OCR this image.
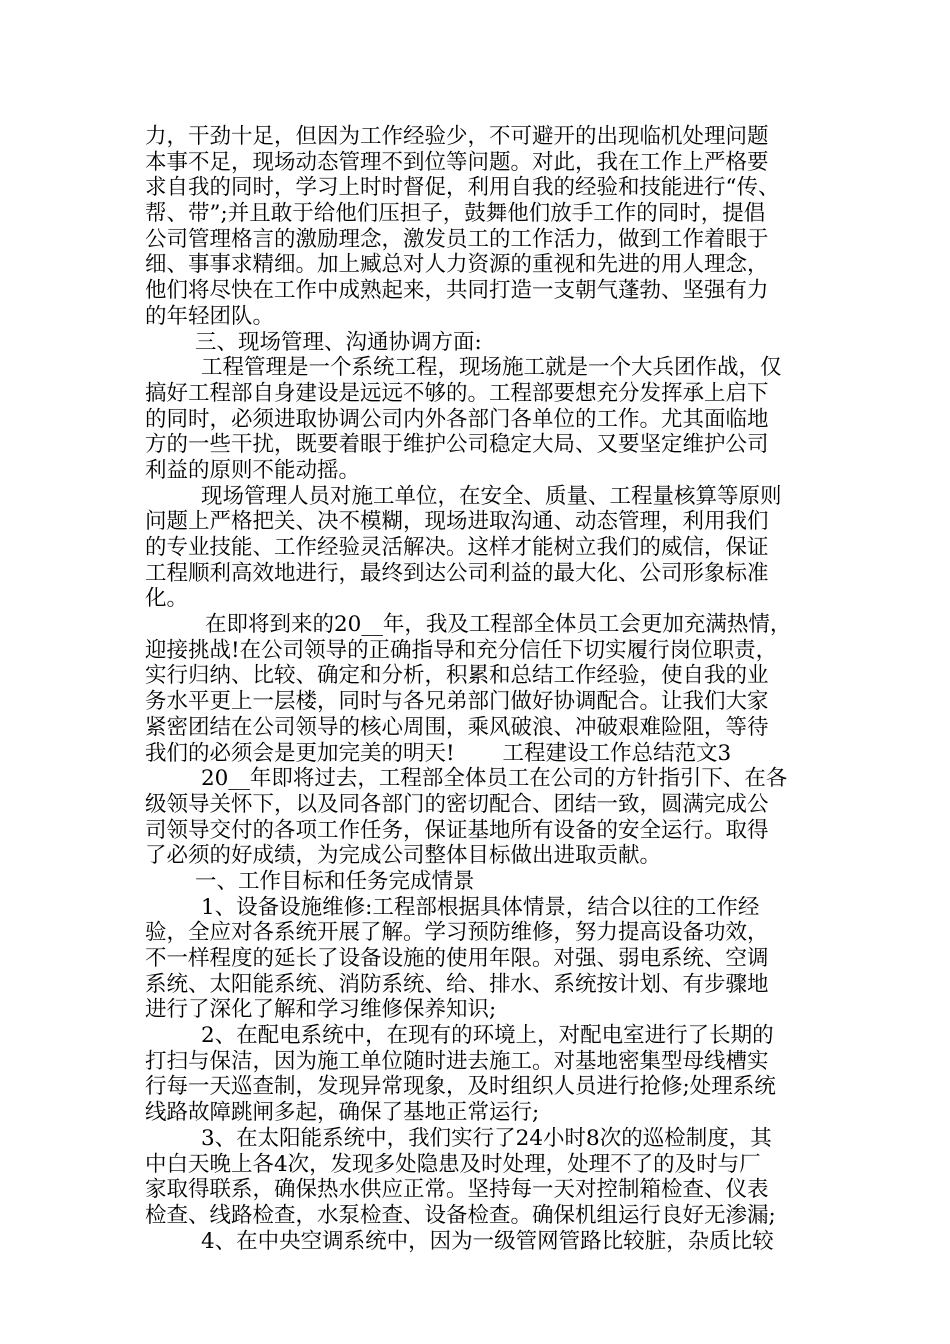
力，干劲十足，但因为工作经验少，不可避开的出现临机处理问题
本事不足，现场动态管理不到位等问题。对此，我在工作上严格要
求自我的同时，学习上时时督促，利用自我的经验和技能进行“传、
帮、带”;并且敢于给他们压担子，鼓舞他们放手工作的同时，提倡
公司管理格言的激励理念，激发员工的工作活力，做到工作着眼于
细、事事求精细。加上臧总对人力资源的重视和先进的用人理念，
他们将尽快在工作中成熟起来，共同打造一支朝气蓬勃、坚强有力
的年轻团队。
三、现场管理、沟通协调方面:
工程管理是一个系统工程，现场施工就是一个大兵团作战，仅
搞好工程部自身建设是远远不够的。工程部要想充分发挥承上启下
的同时，必须进取协调公司内外各部门各单位的工作。尤其面临地
方的一些干扰，既要着眼于维护公司稳定大局、又要坚定维护公司
利益的原则不能动摇。
现场管理人员对施工单位，在安全、质量、工程量核算等原则
问题上严格把关、决不模糊，现场进取沟通、动态管理，利用我们
的专业技能、工作经验灵活解决。这样才能树立我们的威信，保证
工程顺利高效地进行，最终到达公司利益的最大化、公司形象标准
化。
在即将到来的20__年，我及工程部全体员工会更加充满热情，
迎接挑战!在公司领导的正确指导和充分信任下切实履行岗位职责，
实行归纳、比较、确定和分析，积累和总结工作经验，使自我的业
务水平更上一层楼，同时与各兄弟部门做好协调配合。让我们大家
紧密团结在公司领导的核心周围，乘风破浪、冲破艰难险阻，等待
我们的必须会是更加完美的明天!       工程建设工作总结范文3
20__年即将过去，工程部全体员工在公司的方针指引下、在各
级领导关怀下，以及同各部门的密切配合、团结一致，圆满完成公
司领导交付的各项工作任务，保证基地所有设备的安全运行。取得
了必须的好成绩，为完成公司整体目标做出进取贡献。
一、工作目标和任务完成情景
1、设备设施维修:工程部根据具体情景，结合以往的工作经
验，全应对各系统开展了解。学习预防维修，努力提高设备功效，
不一样程度的延长了设备设施的使用年限。对强、弱电系统、空调
系统、太阳能系统、消防系统、给、排水、系统按计划、有步骤地
进行了深化了解和学习维修保养知识;
2、在配电系统中，在现有的环境上，对配电室进行了长期的
打扫与保洁，因为施工单位随时进去施工。对基地密集型母线槽实
行每一天巡查制，发现异常现象，及时组织人员进行抢修;处理系统
线路故障跳闸多起，确保了基地正常运行;
3、在太阳能系统中，我们实行了24小时8次的巡检制度，其
中白天晚上各4次，发现多处隐患及时处理，处理不了的及时与厂
家取得联系，确保热水供应正常。坚持每一天对控制箱检查、仪表
检查、线路检查，水泵检查、设备检查。确保机组运行良好无渗漏;
4、在中央空调系统中，因为一级管网管路比较脏，杂质比较
